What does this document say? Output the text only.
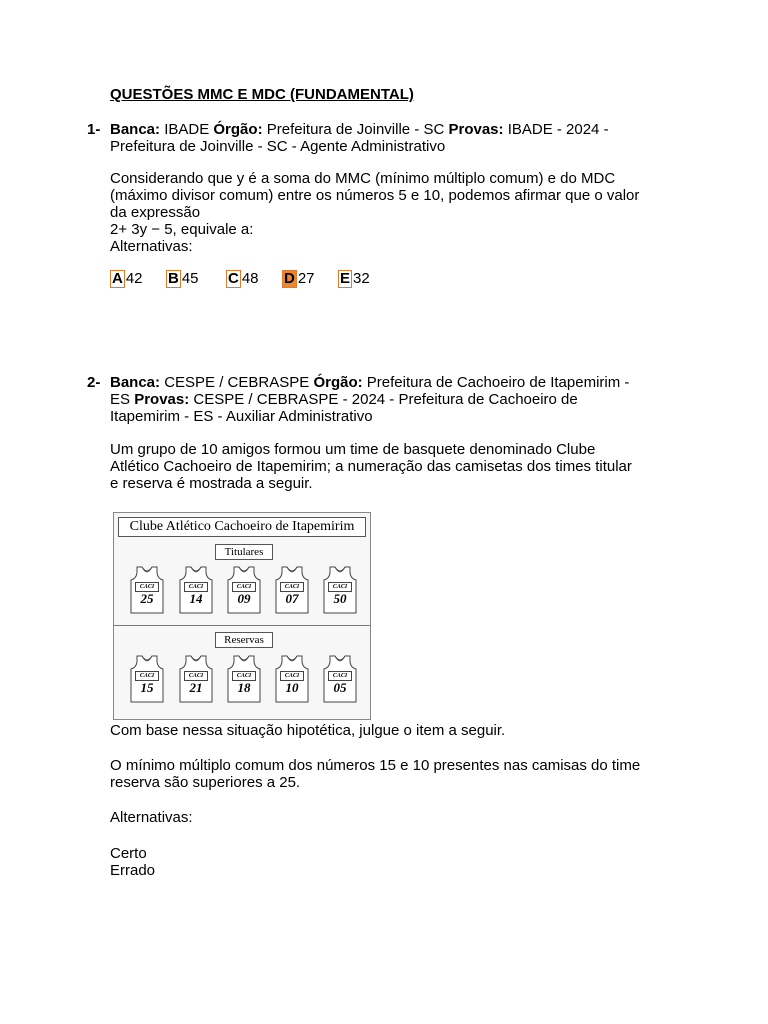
QUESTÕES MMC E MDC (FUNDAMENTAL)
1- Banca: IBADE Órgão: Prefeitura de Joinville - SC Provas: IBADE - 2024 -

Prefeitura de Joinville - SC - Agente Administrativo

Considerando que y é a soma do MMC (mínimo múltiplo comum) e do MDC

(máximo divisor comum) entre os números 5 e 10, podemos afirmar que o valor

da expressão

2+ 3y − 5, equivale a:

Alternativas:

A 42 B 45 C 48 D 27 E 32
2- Banca: CESPE / CEBRASPE Órgão: Prefeitura de Cachoeiro de Itapemirim -

ES Provas: CESPE / CEBRASPE - 2024 - Prefeitura de Cachoeiro de

Itapemirim - ES - Auxiliar Administrativo

Um grupo de 10 amigos formou um time de basquete denominado Clube

Atlético Cachoeiro de Itapemirim; a numeração das camisetas dos times titular

e reserva é mostrada a seguir.

Clube Atlético Cachoeiro de Itapemirim
Titulares
Reservas
CACI
25
CACI
14
CACI
09
CACI
07
CACI
50
CACI
15
CACI
21
CACI
18
CACI
10
CACI
05

Com base nessa situação hipotética, julgue o item a seguir.

O mínimo múltiplo comum dos números 15 e 10 presentes nas camisas do time

reserva são superiores a 25.

Alternativas:

Certo

Errado
